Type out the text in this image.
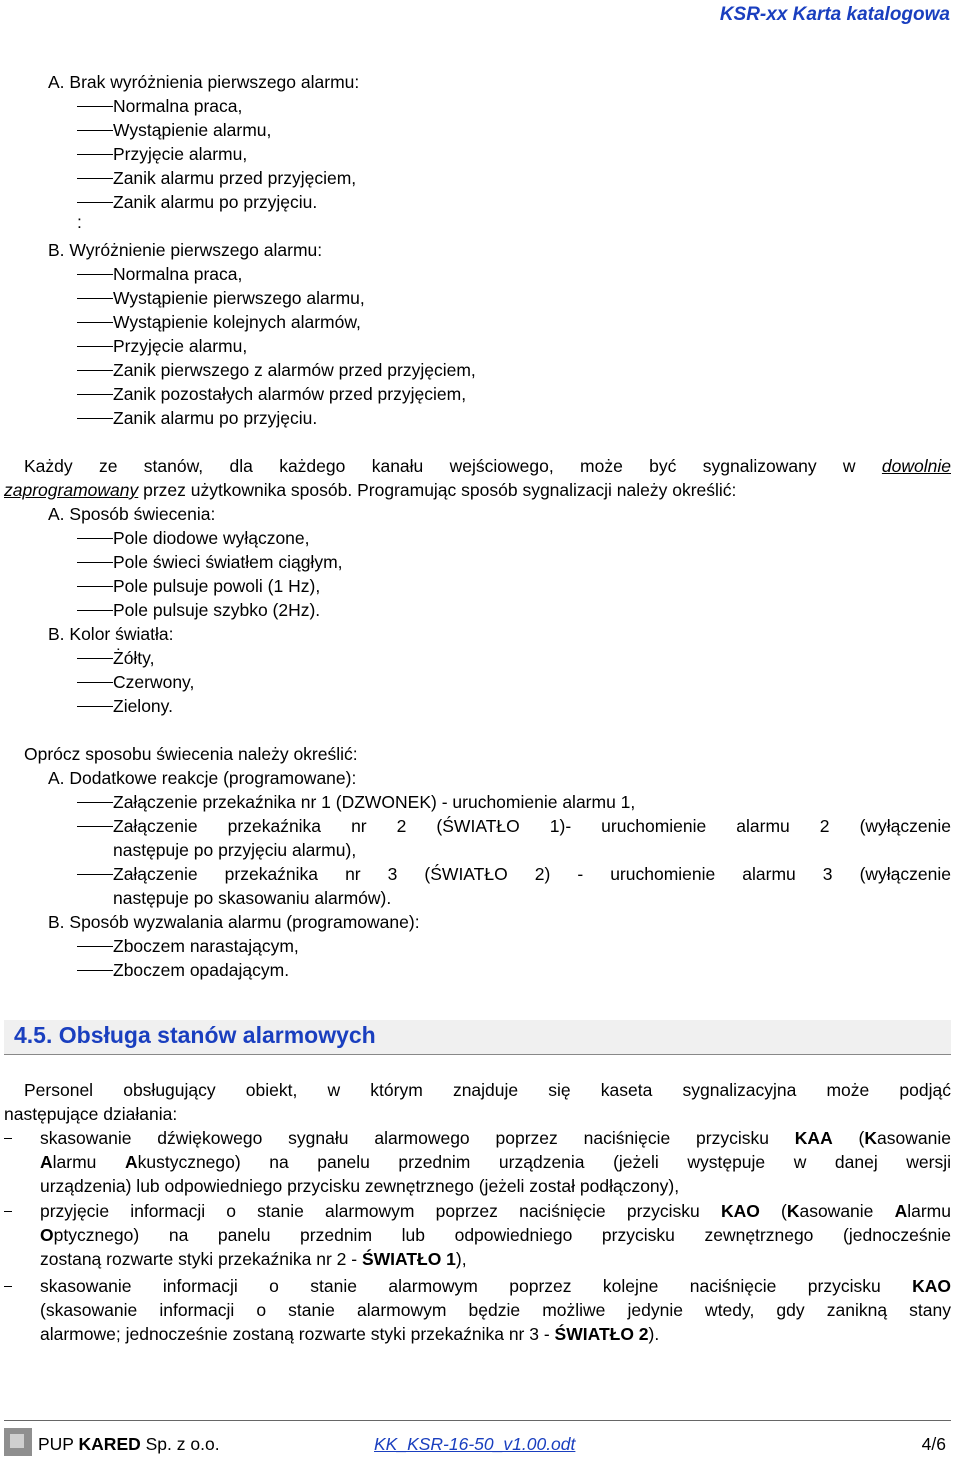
KSR-xx Karta katalogowa
A. Brak wyróżnienia pierwszego alarmu:
Normalna praca,
Wystąpienie alarmu,
Przyjęcie alarmu,
Zanik alarmu przed przyjęciem,
Zanik alarmu po przyjęciu.
:
B. Wyróżnienie pierwszego alarmu:
Normalna praca,
Wystąpienie pierwszego alarmu,
Wystąpienie kolejnych alarmów,
Przyjęcie alarmu,
Zanik pierwszego z alarmów przed przyjęciem,
Zanik pozostałych alarmów przed przyjęciem,
Zanik alarmu po przyjęciu.
Każdy ze stanów, dla każdego kanału wejściowego, może być sygnalizowany w dowolnie
zaprogramowany przez użytkownika sposób. Programując sposób sygnalizacji należy określić:
A. Sposób świecenia:
Pole diodowe wyłączone,
Pole świeci światłem ciągłym,
Pole pulsuje powoli (1 Hz),
Pole pulsuje szybko (2Hz).
B. Kolor światła:
Żółty,
Czerwony,
Zielony.
Oprócz sposobu świecenia należy określić:
A. Dodatkowe reakcje (programowane):
Załączenie przekaźnika nr 1 (DZWONEK) - uruchomienie alarmu 1,
Załączenie przekaźnika nr 2 (ŚWIATŁO 1)- uruchomienie alarmu 2 (wyłączenie
następuje po przyjęciu alarmu),
Załączenie przekaźnika nr 3 (ŚWIATŁO 2) - uruchomienie alarmu 3 (wyłączenie
następuje po skasowaniu alarmów).
B. Sposób wyzwalania alarmu (programowane):
Zboczem narastającym,
Zboczem opadającym.
4.5. Obsługa stanów alarmowych
Personel obsługujący obiekt, w którym znajduje się kaseta sygnalizacyjna może podjąć
następujące działania:
skasowanie dźwiękowego sygnału alarmowego poprzez naciśnięcie przycisku KAA (Kasowanie
Alarmu Akustycznego) na panelu przednim urządzenia (jeżeli występuje w danej wersji
urządzenia) lub odpowiedniego przycisku zewnętrznego (jeżeli został podłączony),
przyjęcie informacji o stanie alarmowym poprzez naciśnięcie przycisku KAO (Kasowanie Alarmu
Optycznego) na panelu przednim lub odpowiedniego przycisku zewnętrznego (jednocześnie
zostaną rozwarte styki przekaźnika nr 2 - ŚWIATŁO 1),
skasowanie informacji o stanie alarmowym poprzez kolejne naciśnięcie przycisku KAO
(skasowanie informacji o stanie alarmowym będzie możliwe jedynie wtedy, gdy zanikną stany
alarmowe; jednocześnie zostaną rozwarte styki przekaźnika nr 3 - ŚWIATŁO 2).
PUP KARED Sp. z o.o.	KK_KSR-16-50_v1.00.odt	4/6
